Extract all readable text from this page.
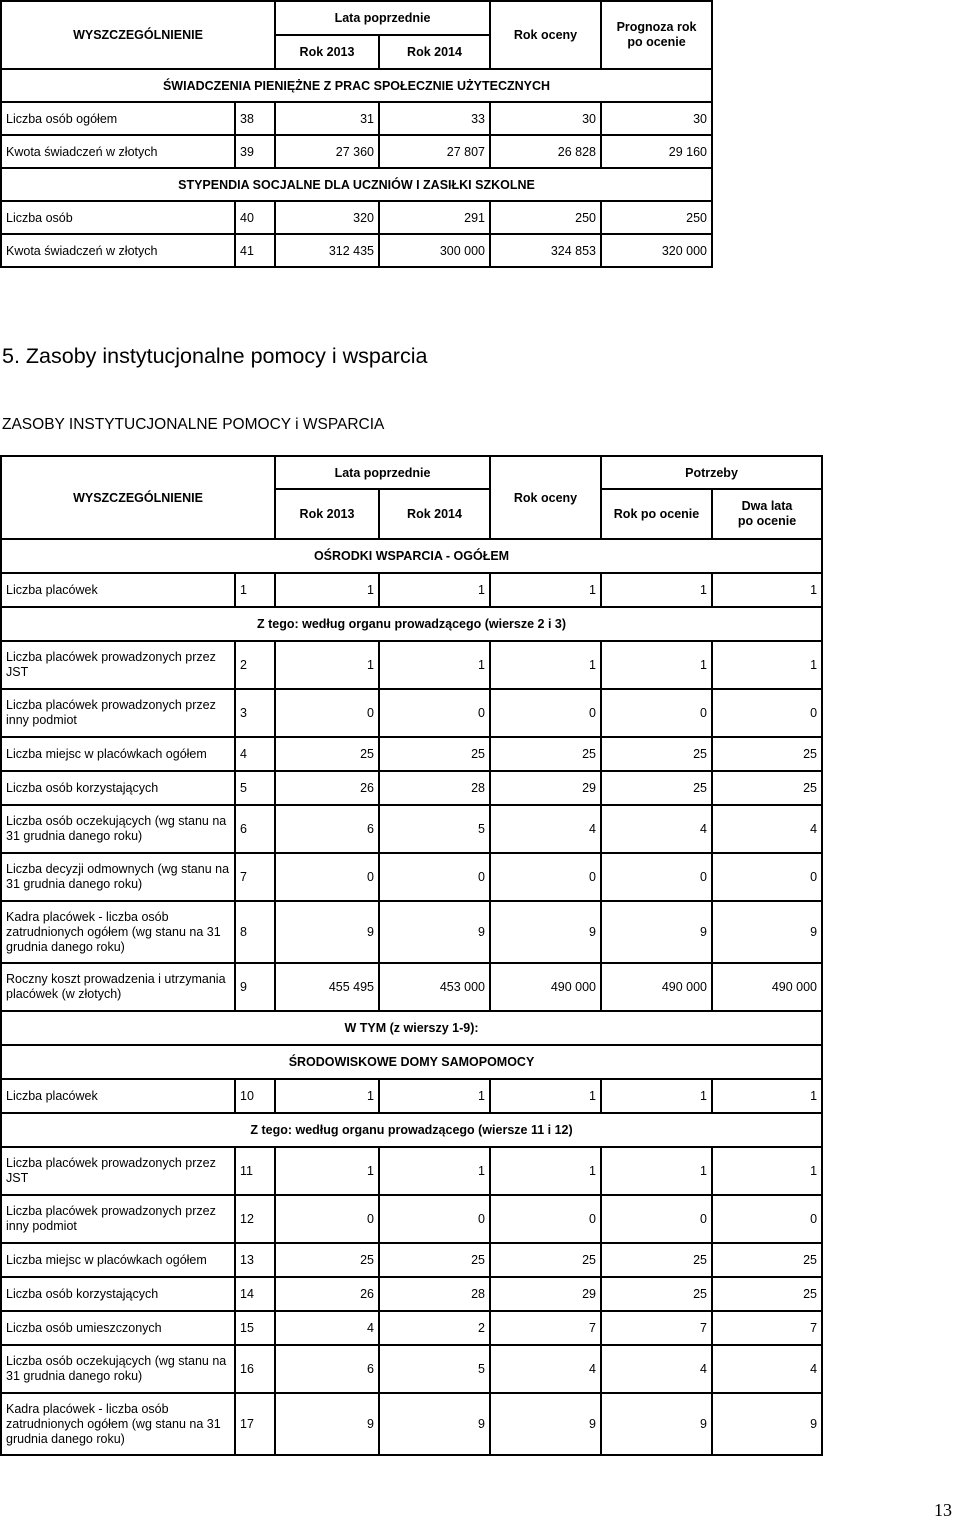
WYSZCZEGÓLNIENIE		Lata poprzednie		Rok oceny	Prognoza rok
po ocenie
		Rok 2013	Rok 2014		
ŚWIADCZENIA PIENIĘŻNE Z PRAC SPOŁECZNIE UŻYTECZNYCH					
Liczba osób ogółem	38	31	33	30	30
Kwota świadczeń w złotych	39	27 360	27 807	26 828	29 160
STYPENDIA SOCJALNE DLA UCZNIÓW I ZASIŁKI SZKOLNE					
Liczba osób	40	320	291	250	250
Kwota świadczeń w złotych	41	312 435	300 000	324 853	320 000
5. Zasoby instytucjonalne pomocy i wsparcia
ZASOBY INSTYTUCJONALNE POMOCY i WSPARCIA
WYSZCZEGÓLNIENIE		Lata poprzednie		Rok oceny	Potrzeby	
		Rok 2013	Rok 2014		Rok po ocenie	Dwa lata
po ocenie
OŚRODKI WSPARCIA - OGÓŁEM						
Liczba placówek	1	1	1	1	1	1
Z tego: według organu prowadzącego (wiersze 2 i 3)						
Liczba placówek prowadzonych przez JST	2	1	1	1	1	1
Liczba placówek prowadzonych przez inny podmiot	3	0	0	0	0	0
Liczba miejsc w placówkach ogółem	4	25	25	25	25	25
Liczba osób korzystających	5	26	28	29	25	25
Liczba osób oczekujących (wg stanu na 31 grudnia danego roku)	6	6	5	4	4	4
Liczba decyzji odmownych (wg stanu na 31 grudnia danego roku)	7	0	0	0	0	0
Kadra placówek - liczba osób zatrudnionych ogółem (wg stanu na 31 grudnia danego roku)	8	9	9	9	9	9
Roczny koszt prowadzenia i utrzymania placówek (w złotych)	9	455 495	453 000	490 000	490 000	490 000
W TYM (z wierszy 1-9):						
ŚRODOWISKOWE DOMY SAMOPOMOCY						
Liczba placówek	10	1	1	1	1	1
Z tego: według organu prowadzącego (wiersze 11 i 12)						
Liczba placówek prowadzonych przez JST	11	1	1	1	1	1
Liczba placówek prowadzonych przez inny podmiot	12	0	0	0	0	0
Liczba miejsc w placówkach ogółem	13	25	25	25	25	25
Liczba osób korzystających	14	26	28	29	25	25
Liczba osób umieszczonych	15	4	2	7	7	7
Liczba osób oczekujących (wg stanu na 31 grudnia danego roku)	16	6	5	4	4	4
Kadra placówek - liczba osób zatrudnionych ogółem (wg stanu na 31 grudnia danego roku)	17	9	9	9	9	9
13
